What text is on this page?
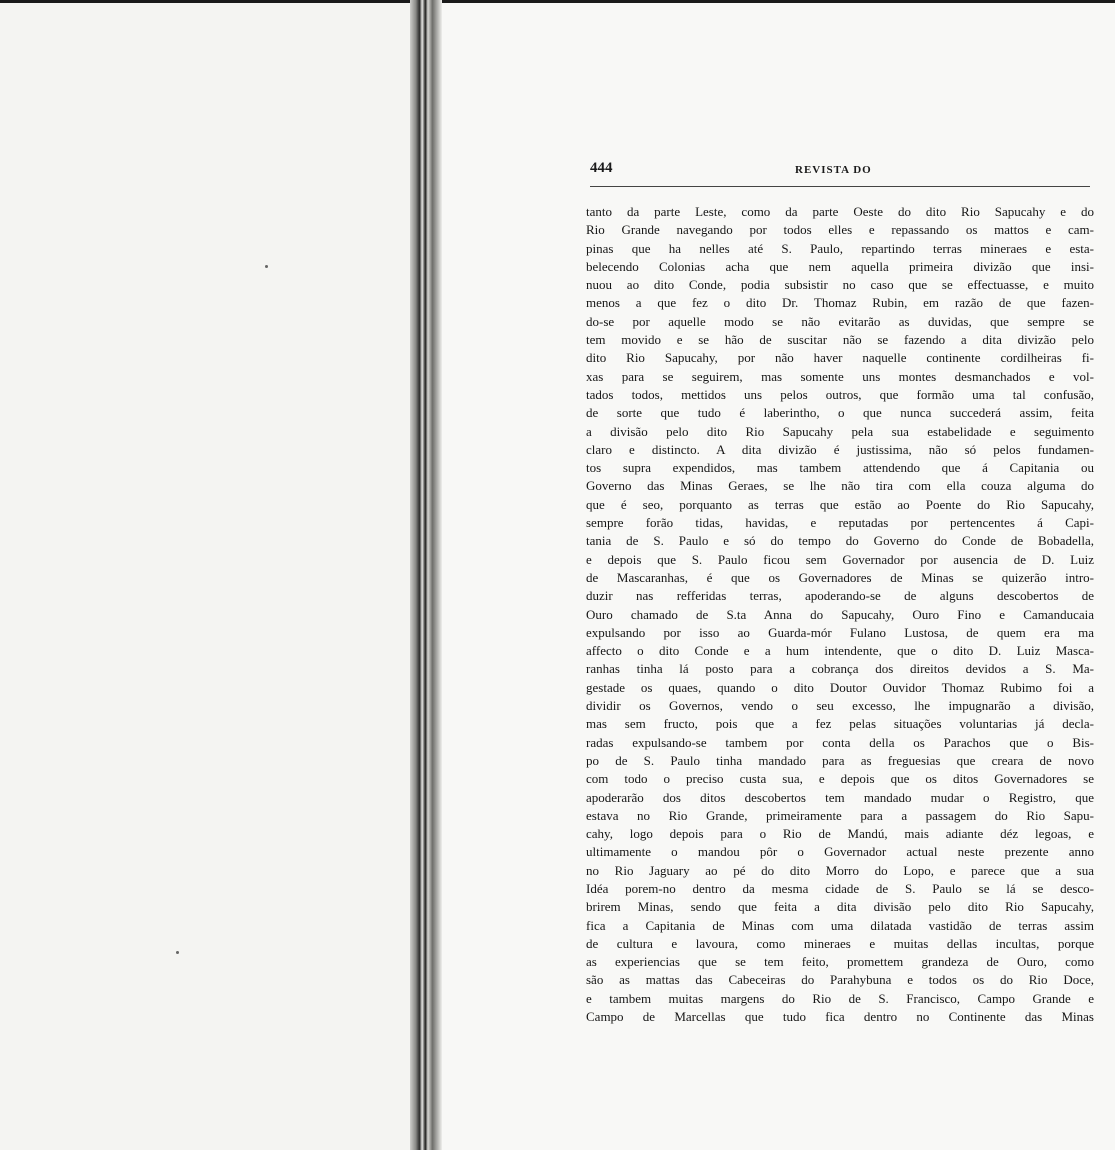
444	REVISTA DO
tanto da parte Leste, como da parte Oeste do dito Rio Sapucahy e do
Rio Grande navegando por todos elles e repassando os mattos e cam-
pinas que ha nelles até S. Paulo, repartindo terras mineraes e esta-
belecendo Colonias acha que nem aquella primeira divizão que insi-
nuou ao dito Conde, podia subsistir no caso que se effectuasse, e muito
menos a que fez o dito Dr. Thomaz Rubin, em razão de que fazen-
do-se por aquelle modo se não evitarão as duvidas, que sempre se
tem movido e se hão de suscitar não se fazendo a dita divizão pelo
dito Rio Sapucahy, por não haver naquelle continente cordilheiras fi-
xas para se seguirem, mas somente uns montes desmanchados e vol-
tados todos, mettidos uns pelos outros, que formão uma tal confusão,
de sorte que tudo é laberintho, o que nunca succederá assim, feita
a divisão pelo dito Rio Sapucahy pela sua estabelidade e seguimento
claro e distincto. A dita divizão é justissima, não só pelos fundamen-
tos supra expendidos, mas tambem attendendo que á Capitania ou
Governo das Minas Geraes, se lhe não tira com ella couza alguma do
que é seo, porquanto as terras que estão ao Poente do Rio Sapucahy,
sempre forão tidas, havidas, e reputadas por pertencentes á Capi-
tania de S. Paulo e só do tempo do Governo do Conde de Bobadella,
e depois que S. Paulo ficou sem Governador por ausencia de D. Luiz
de Mascaranhas, é que os Governadores de Minas se quizerão intro-
duzir nas refferidas terras, apoderando-se de alguns descobertos de
Ouro chamado de S.ta Anna do Sapucahy, Ouro Fino e Camanducaia
expulsando por isso ao Guarda-mór Fulano Lustosa, de quem era ma
affecto o dito Conde e a hum intendente, que o dito D. Luiz Masca-
ranhas tinha lá posto para a cobrança dos direitos devidos a S. Ma-
gestade os quaes, quando o dito Doutor Ouvidor Thomaz Rubimo foi a
dividir os Governos, vendo o seu excesso, lhe impugnarão a divisão,
mas sem fructo, pois que a fez pelas situações voluntarias já decla-
radas expulsando-se tambem por conta della os Parachos que o Bis-
po de S. Paulo tinha mandado para as freguesias que creara de novo
com todo o preciso custa sua, e depois que os ditos Governadores se
apoderarão dos ditos descobertos tem mandado mudar o Registro, que
estava no Rio Grande, primeiramente para a passagem do Rio Sapu-
cahy, logo depois para o Rio de Mandú, mais adiante déz legoas, e
ultimamente o mandou pôr o Governador actual neste prezente anno
no Rio Jaguary ao pé do dito Morro do Lopo, e parece que a sua
Idéa porem-no dentro da mesma cidade de S. Paulo se lá se desco-
brirem Minas, sendo que feita a dita divisão pelo dito Rio Sapucahy,
fica a Capitania de Minas com uma dilatada vastidão de terras assim
de cultura e lavoura, como mineraes e muitas dellas incultas, porque
as experiencias que se tem feito, promettem grandeza de Ouro, como
são as mattas das Cabeceiras do Parahybuna e todos os do Rio Doce,
e tambem muitas margens do Rio de S. Francisco, Campo Grande e
Campo de Marcellas que tudo fica dentro no Continente das Minas
